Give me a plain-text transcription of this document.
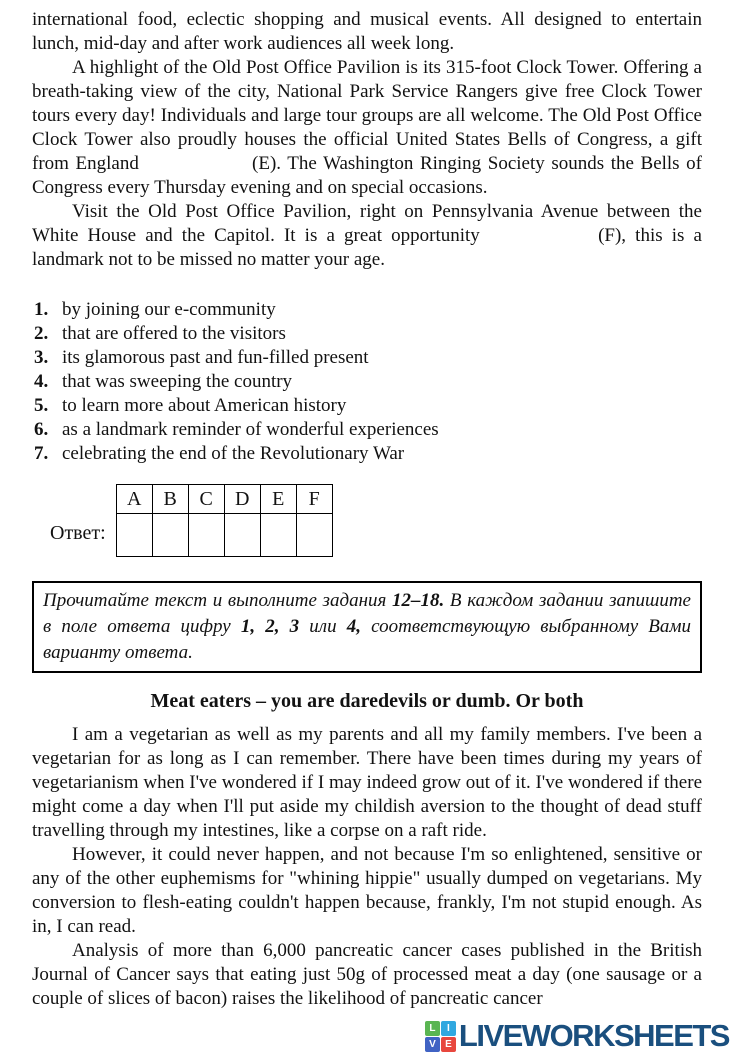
international food, eclectic shopping and musical events. All designed to entertain lunch, mid-day and after work audiences all week long.

A highlight of the Old Post Office Pavilion is its 315-foot Clock Tower. Offering a breath-taking view of the city, National Park Service Rangers give free Clock Tower tours every day! Individuals and large tour groups are all welcome. The Old Post Office Clock Tower also proudly houses the official United States Bells of Congress, a gift from England	(E). The Washington Ringing Society sounds the Bells of Congress every Thursday evening and on special occasions.

Visit the Old Post Office Pavilion, right on Pennsylvania Avenue between the White House and the Capitol. It is a great opportunity	(F), this is a landmark not to be missed no matter your age.

1. by joining our e-community
2. that are offered to the visitors
3. its glamorous past and fun-filled present
4. that was sweeping the country
5. to learn more about American history
6. as a landmark reminder of wonderful experiences
7. celebrating the end of the Revolutionary War
Ответ:
A	B	C	D	E	F

Прочитайте текст и выполните задания 12–18. В каждом задании запишите в поле ответа цифру 1, 2, 3 или 4, соответствующую выбранному Вами варианту ответа.
Meat eaters – you are daredevils or dumb. Or both

I am a vegetarian as well as my parents and all my family members. I've been a vegetarian for as long as I can remember. There have been times during my years of vegetarianism when I've wondered if I may indeed grow out of it. I've wondered if there might come a day when I'll put aside my childish aversion to the thought of dead stuff travelling through my intestines, like a corpse on a raft ride.

However, it could never happen, and not because I'm so enlightened, sensitive or any of the other euphemisms for "whining hippie" usually dumped on vegetarians. My conversion to flesh-eating couldn't happen because, frankly, I'm not stupid enough. As in, I can read.

Analysis of more than 6,000 pancreatic cancer cases published in the British Journal of Cancer says that eating just 50g of processed meat a day (one sausage or a couple of slices of bacon) raises the likelihood of pancreatic cancer

L	I
V E LIVEWORKSHEETS
